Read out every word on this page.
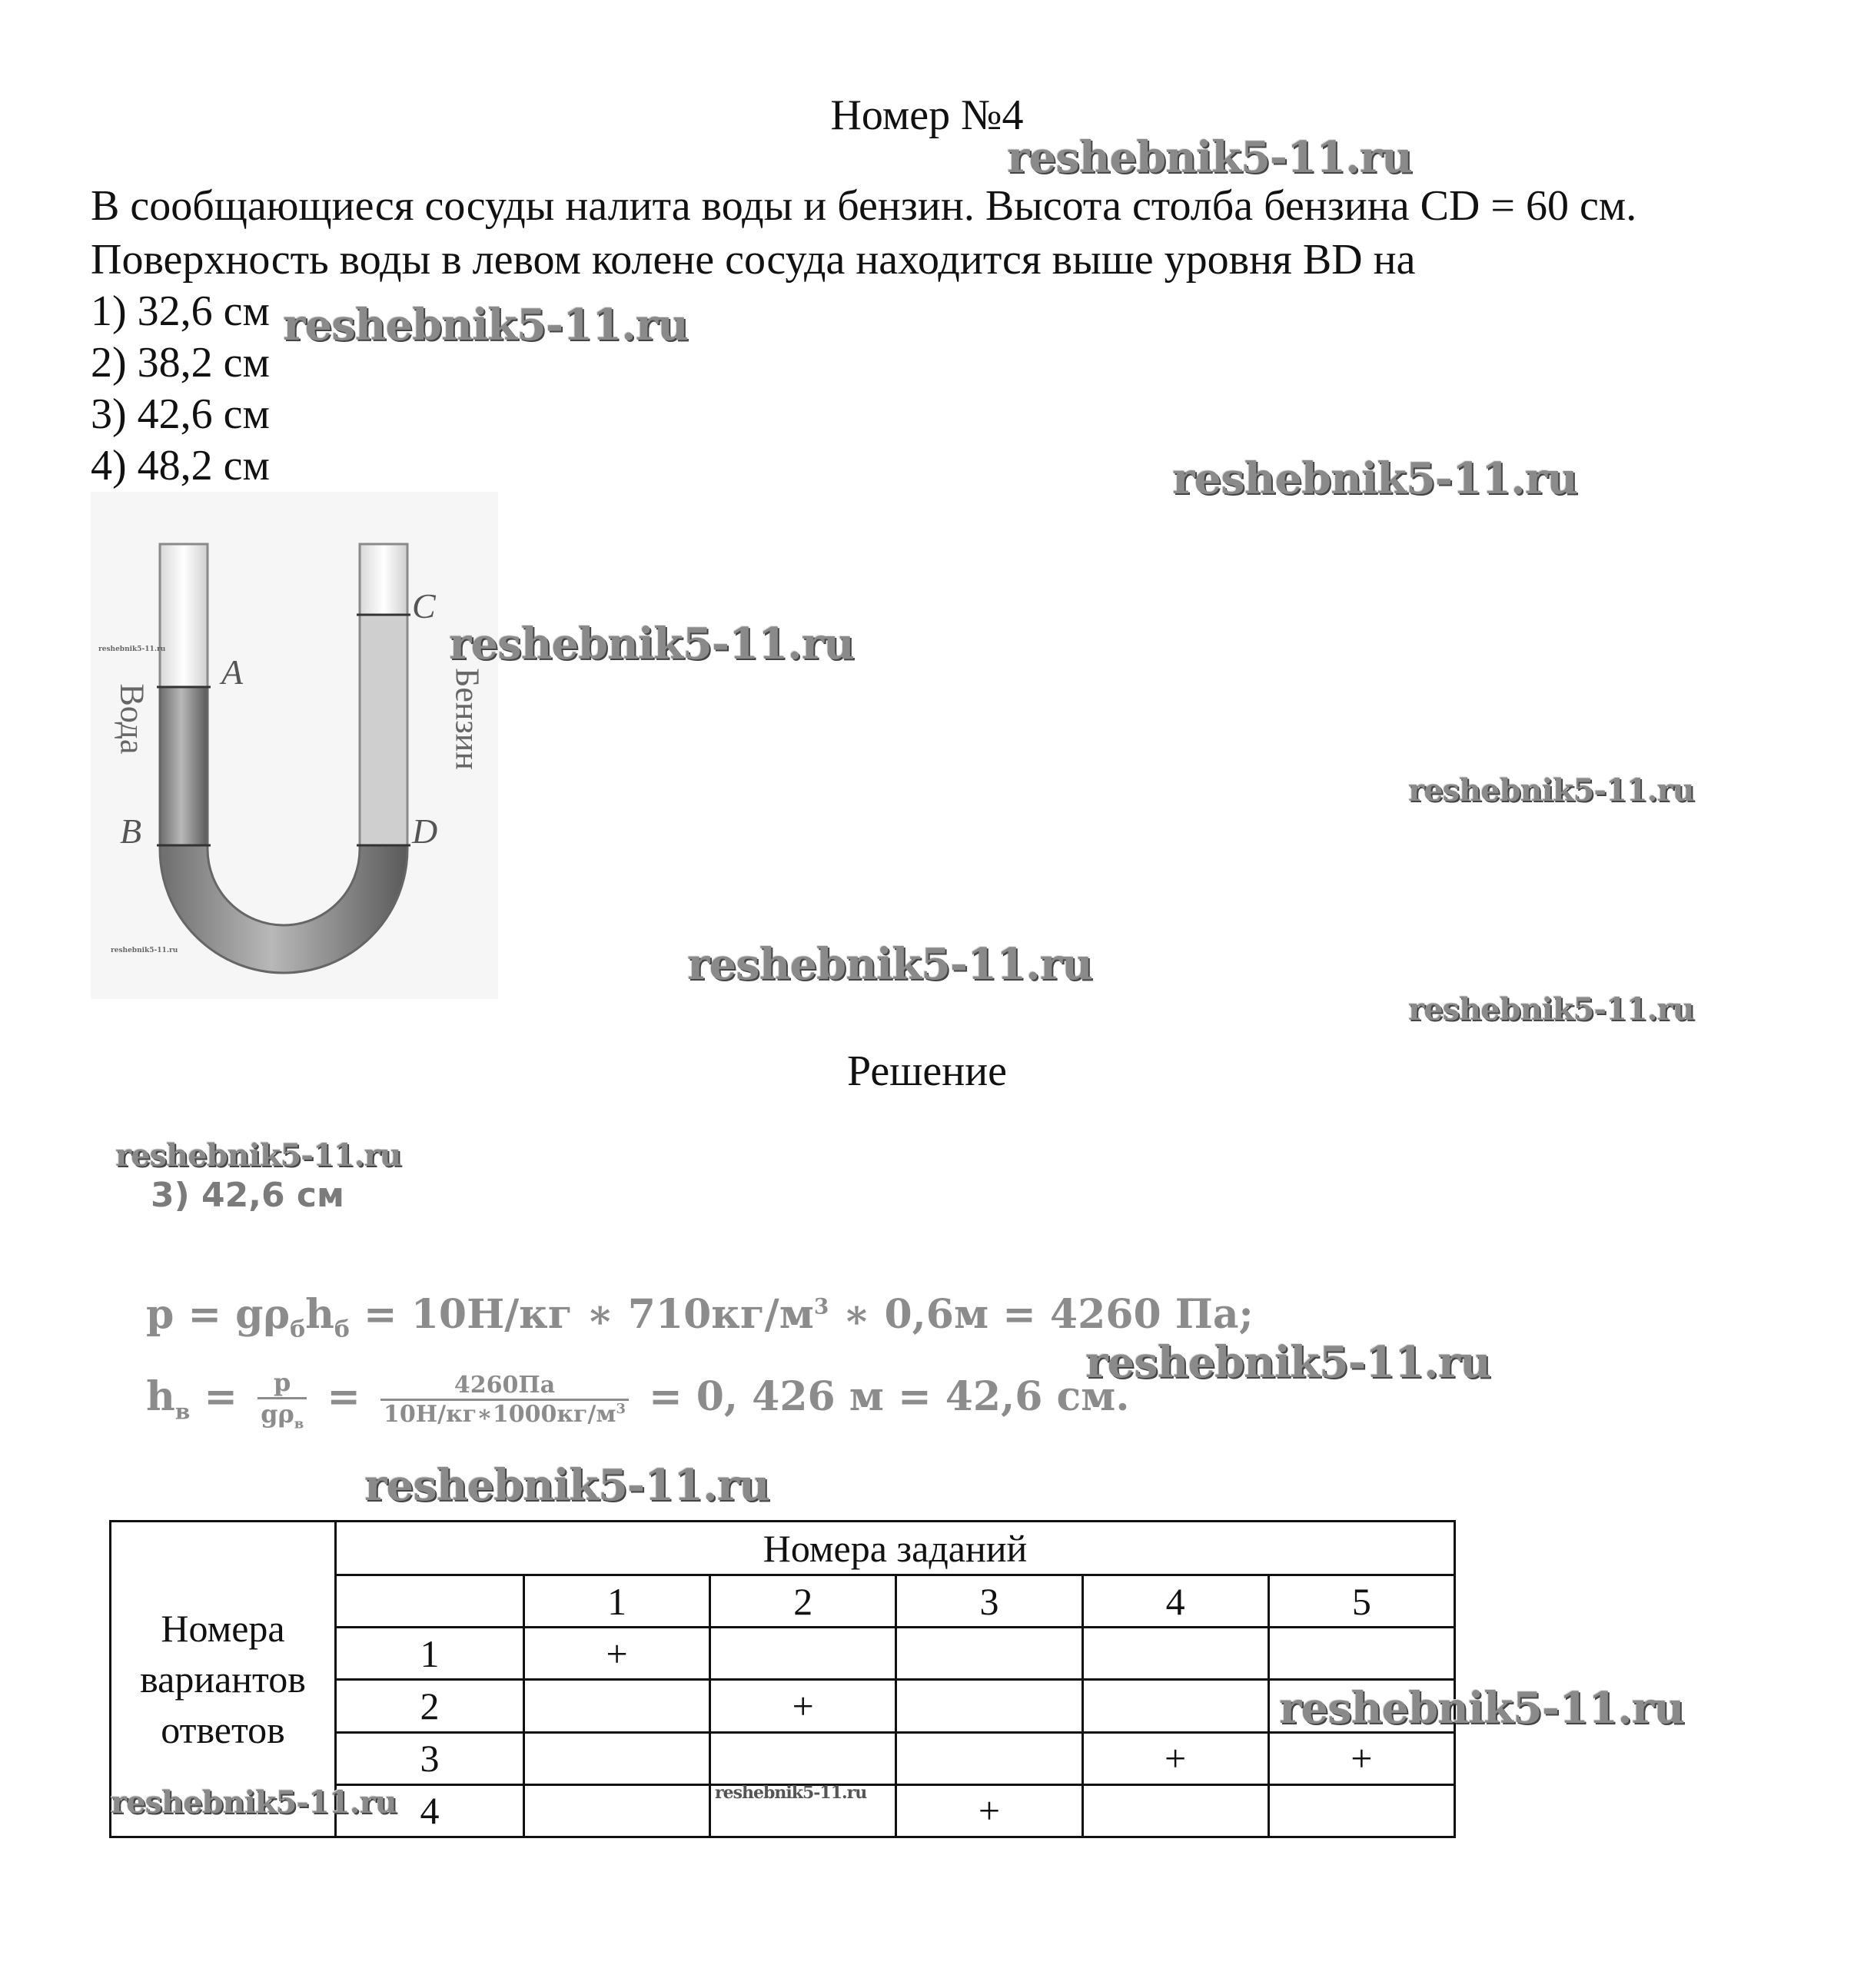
Номер №4
В сообщающиеся сосуды налита воды и бензин. Высота столба бензина CD = 60 см.
Поверхность воды в левом колене сосуда находится выше уровня BD на
1) 32,6 см
2) 38,2 см
3) 42,6 см
4) 48,2 см
A
B
C
D
Вода	Бензин
reshebnik5-11.ru
reshebnik5-11.ru
Решение
3) 42,6 см
$p = g\rho_бh_б = 10Н/кг$ ∗ $710кг/м^3$ ∗ 0,6м = 4260 Па;
$h_в = \frac{p}{g\rho_в} = \frac{4260Па}{10Н/кг∗1000кг/м^3} = 0$, 426 м = 42,6 см.
Номера вариантов ответов	Номера заданий					
		1	2	3	4	5
	1	+				
	2		+			
	3				+	+
	4			+		
reshebnik5-11.ru
reshebnik5-11.ru
reshebnik5-11.ru
reshebnik5-11.ru
reshebnik5-11.ru
reshebnik5-11.ru
reshebnik5-11.ru
reshebnik5-11.ru
reshebnik5-11.ru
reshebnik5-11.ru
reshebnik5-11.ru
reshebnik5-11.ru	reshebnik5-11.ru
